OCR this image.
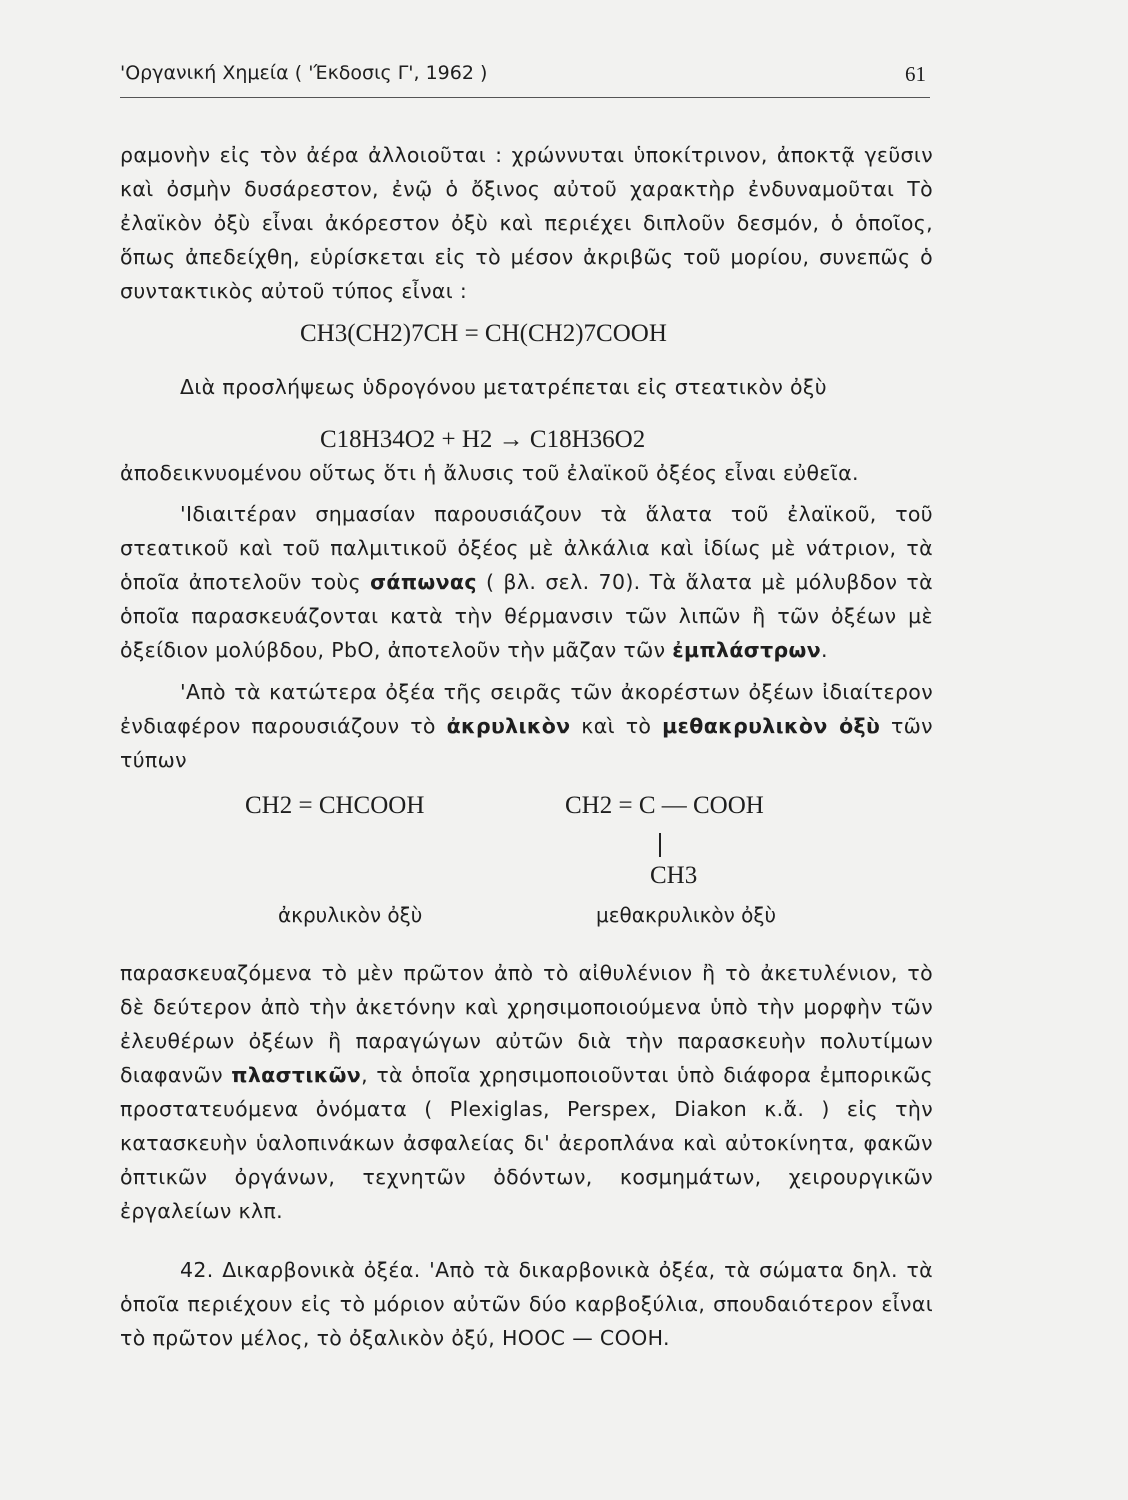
'Οργανική Χημεία ( 'Έκδοσις Γ', 1962 )	61
ραμονὴν εἰς τὸν ἀέρα ἀλλοιοῦται : χρώννυται ὑποκίτρινον, ἀποκτᾷ γεῦσιν καὶ ὀσμὴν δυσάρεστον, ἐνῷ ὁ ὄξινος αὐτοῦ χαρακτὴρ ἐνδυναμοῦται Τὸ ἐλαϊκὸν ὀξὺ εἶναι ἀκόρεστον ὀξὺ καὶ περιέχει διπλοῦν δεσμόν, ὁ ὁποῖος, ὅπως ἀπεδείχθη, εὑρίσκεται εἰς τὸ μέσον ἀκριβῶς τοῦ μορίου, συνεπῶς ὁ συντακτικὸς αὐτοῦ τύπος εἶναι :
CH3(CH2)7CH = CH(CH2)7COOH
Διὰ προσλήψεως ὑδρογόνου μετατρέπεται εἰς στεατικὸν ὀξὺ
C18H34O2 + H2 → C18H36O2
ἀποδεικνυομένου οὕτως ὅτι ἡ ἄλυσις τοῦ ἐλαϊκοῦ ὀξέος εἶναι εὐθεῖα.
'Ιδιαιτέραν σημασίαν παρουσιάζουν τὰ ἅλατα τοῦ ἐλαϊκοῦ, τοῦ στεατικοῦ καὶ τοῦ παλμιτικοῦ ὀξέος μὲ ἀλκάλια καὶ ἰδίως μὲ νάτριον, τὰ ὁποῖα ἀποτελοῦν τοὺς σάπωνας ( βλ. σελ. 70). Τὰ ἅλατα μὲ μόλυβδον τὰ ὁποῖα παρασκευάζονται κατὰ τὴν θέρμανσιν τῶν λιπῶν ἢ τῶν ὀξέων μὲ ὀξείδιον μολύβδου, PbO, ἀποτελοῦν τὴν μᾶζαν τῶν ἐμπλάστρων.
'Απὸ τὰ κατώτερα ὀξέα τῆς σειρᾶς τῶν ἀκορέστων ὀξέων ἰδιαίτερον ἐνδιαφέρον παρουσιάζουν τὸ ἀκρυλικὸν καὶ τὸ μεθακρυλικὸν ὀξὺ τῶν τύπων
CH2 = CHCOOH	CH2 = C — COOH
CH3
ἀκρυλικὸν ὀξὺ	μεθακρυλικὸν ὀξὺ
παρασκευαζόμενα τὸ μὲν πρῶτον ἀπὸ τὸ αἰθυλένιον ἢ τὸ ἀκετυλένιον, τὸ δὲ δεύτερον ἀπὸ τὴν ἀκετόνην καὶ χρησιμοποιούμενα ὑπὸ τὴν μορφὴν τῶν ἐλευθέρων ὀξέων ἢ παραγώγων αὐτῶν διὰ τὴν παρασκευὴν πολυτίμων διαφανῶν πλαστικῶν, τὰ ὁποῖα χρησιμοποιοῦνται ὑπὸ διάφορα ἐμπορικῶς προστατευόμενα ὀνόματα ( Plexiglas, Perspex, Diakon κ.ἄ. ) εἰς τὴν κατασκευὴν ὑαλοπινάκων ἀσφαλείας δι' ἀεροπλάνα καὶ αὐτοκίνητα, φακῶν ὀπτικῶν ὀργάνων, τεχνητῶν ὀδόντων, κοσμημάτων, χειρουργικῶν ἐργαλείων κλπ.
42. Δικαρβονικὰ ὀξέα. 'Απὸ τὰ δικαρβονικὰ ὀξέα, τὰ σώματα δηλ. τὰ ὁποῖα περιέχουν εἰς τὸ μόριον αὐτῶν δύο καρβοξύλια, σπουδαιότερον εἶναι τὸ πρῶτον μέλος, τὸ ὀξαλικὸν ὀξύ, HOOC — COOH.
